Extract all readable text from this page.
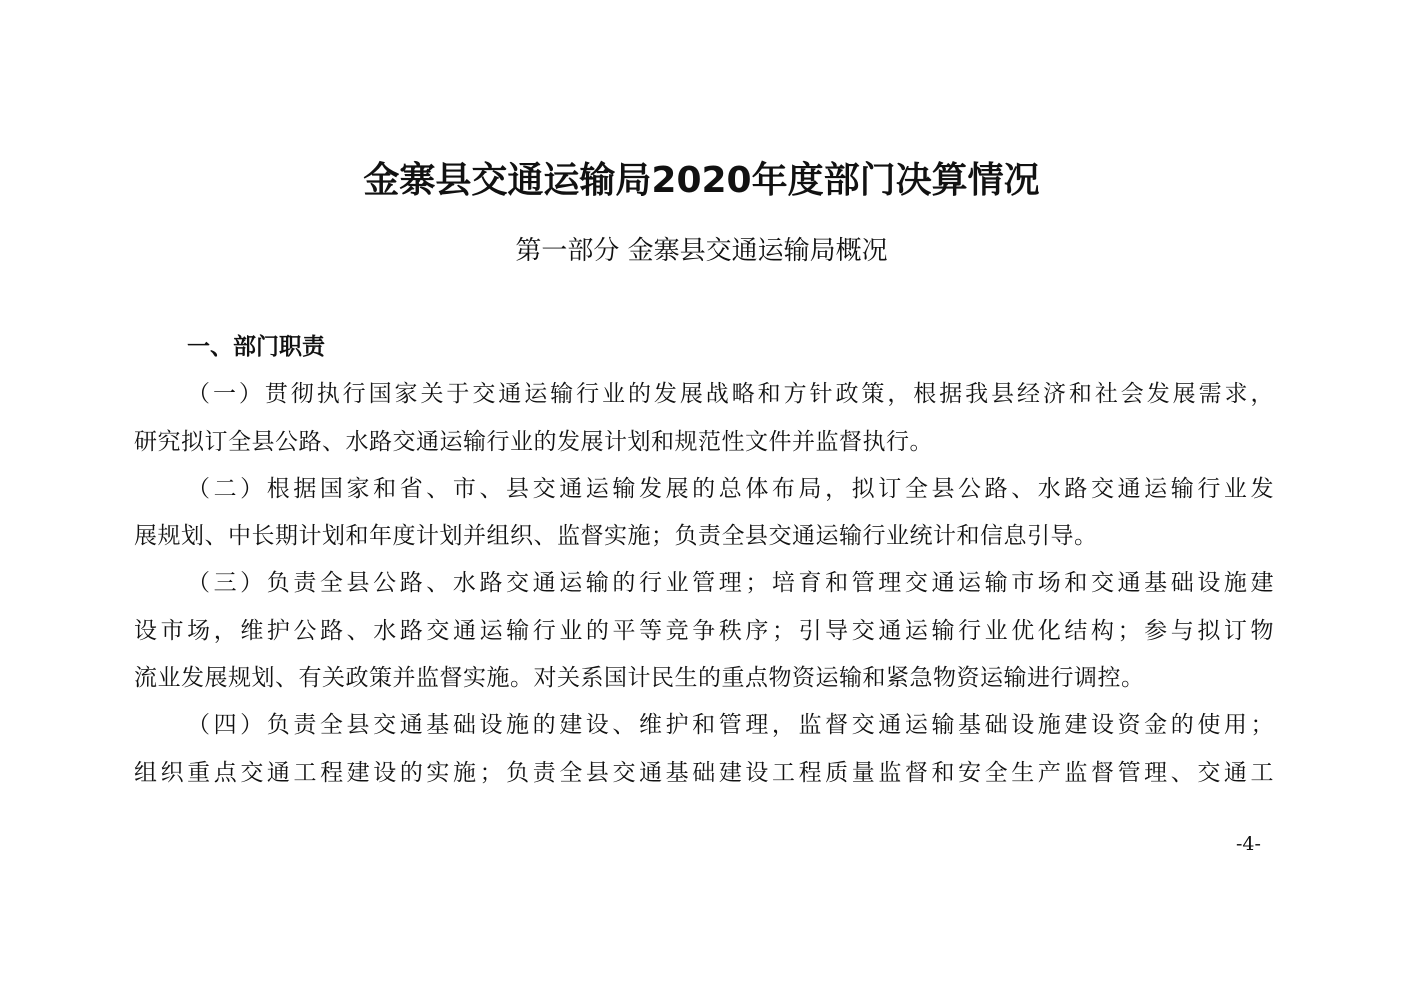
金寨县交通运输局2020年度部门决算情况
第一部分 金寨县交通运输局概况
一、部门职责
（一）贯彻执行国家关于交通运输行业的发展战略和方针政策，根据我县经济和社会发展需求，
研究拟订全县公路、水路交通运输行业的发展计划和规范性文件并监督执行。
（二）根据国家和省、市、县交通运输发展的总体布局，拟订全县公路、水路交通运输行业发
展规划、中长期计划和年度计划并组织、监督实施；负责全县交通运输行业统计和信息引导。
（三）负责全县公路、水路交通运输的行业管理；培育和管理交通运输市场和交通基础设施建
设市场，维护公路、水路交通运输行业的平等竞争秩序；引导交通运输行业优化结构；参与拟订物
流业发展规划、有关政策并监督实施。对关系国计民生的重点物资运输和紧急物资运输进行调控。
（四）负责全县交通基础设施的建设、维护和管理，监督交通运输基础设施建设资金的使用；
组织重点交通工程建设的实施；负责全县交通基础建设工程质量监督和安全生产监督管理、交通工
-4-
